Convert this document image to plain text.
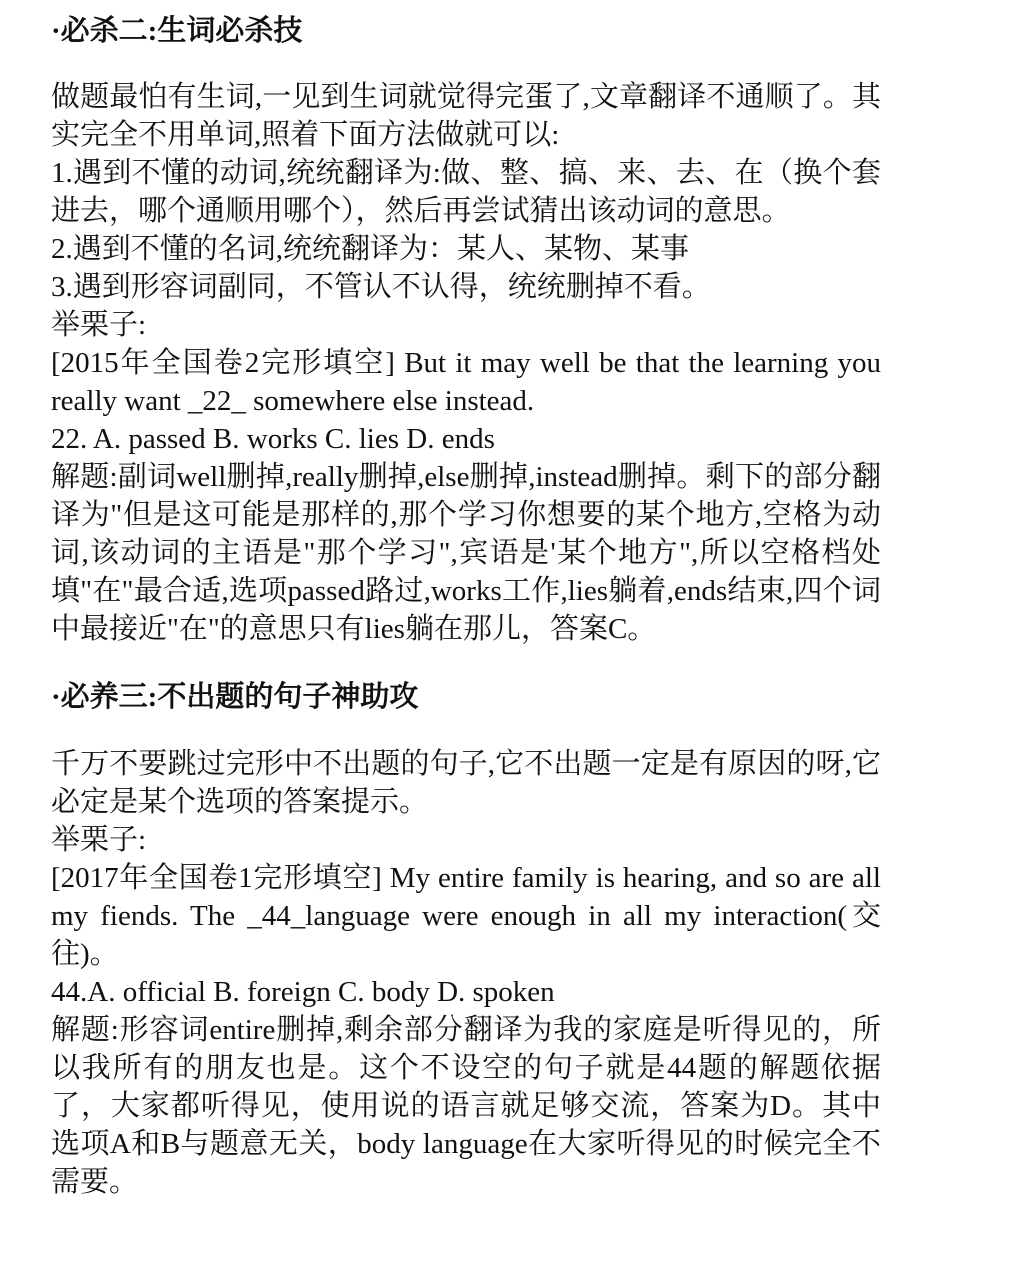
·必杀二:生词必杀技

做题最怕有生词,一见到生词就觉得完蛋了,文章翻译不通顺了。其实完全不用单词,照着下面方法做就可以:

1.遇到不懂的动词,统统翻译为:做、整、搞、来、去、在（换个套进去，哪个通顺用哪个），然后再尝试猜出该动词的意思。

2.遇到不懂的名词,统统翻译为：某人、某物、某事

3.遇到形容词副同，不管认不认得，统统删掉不看。

举栗子:

[2015年全国卷2完形填空] But it may well be that the learning you really want _22_ somewhere else instead.

22. A. passed B. works C. lies D. ends

解题:副词well删掉,really删掉,else删掉,instead删掉。剩下的部分翻译为"但是这可能是那样的,那个学习你想要的某个地方,空格为动词,该动词的主语是"那个学习",宾语是'某个地方",所以空格档处填"在"最合适,选项passed路过,works工作,lies躺着,ends结束,四个词中最接近"在"的意思只有lies躺在那儿，答案C。

·必养三:不出题的句子神助攻

千万不要跳过完形中不出题的句子,它不出题一定是有原因的呀,它必定是某个选项的答案提示。

举栗子:

[2017年全国卷1完形填空] My entire family is hearing, and so are all my fiends. The _44_language were enough in all my interaction(交往)。

44.A. official B. foreign C. body D. spoken

解题:形容词entire删掉,剩余部分翻译为我的家庭是听得见的，所以我所有的朋友也是。这个不设空的句子就是44题的解题依据了，大家都听得见，使用说的语言就足够交流，答案为D。其中选项A和B与题意无关，body language在大家听得见的时候完全不需要。
